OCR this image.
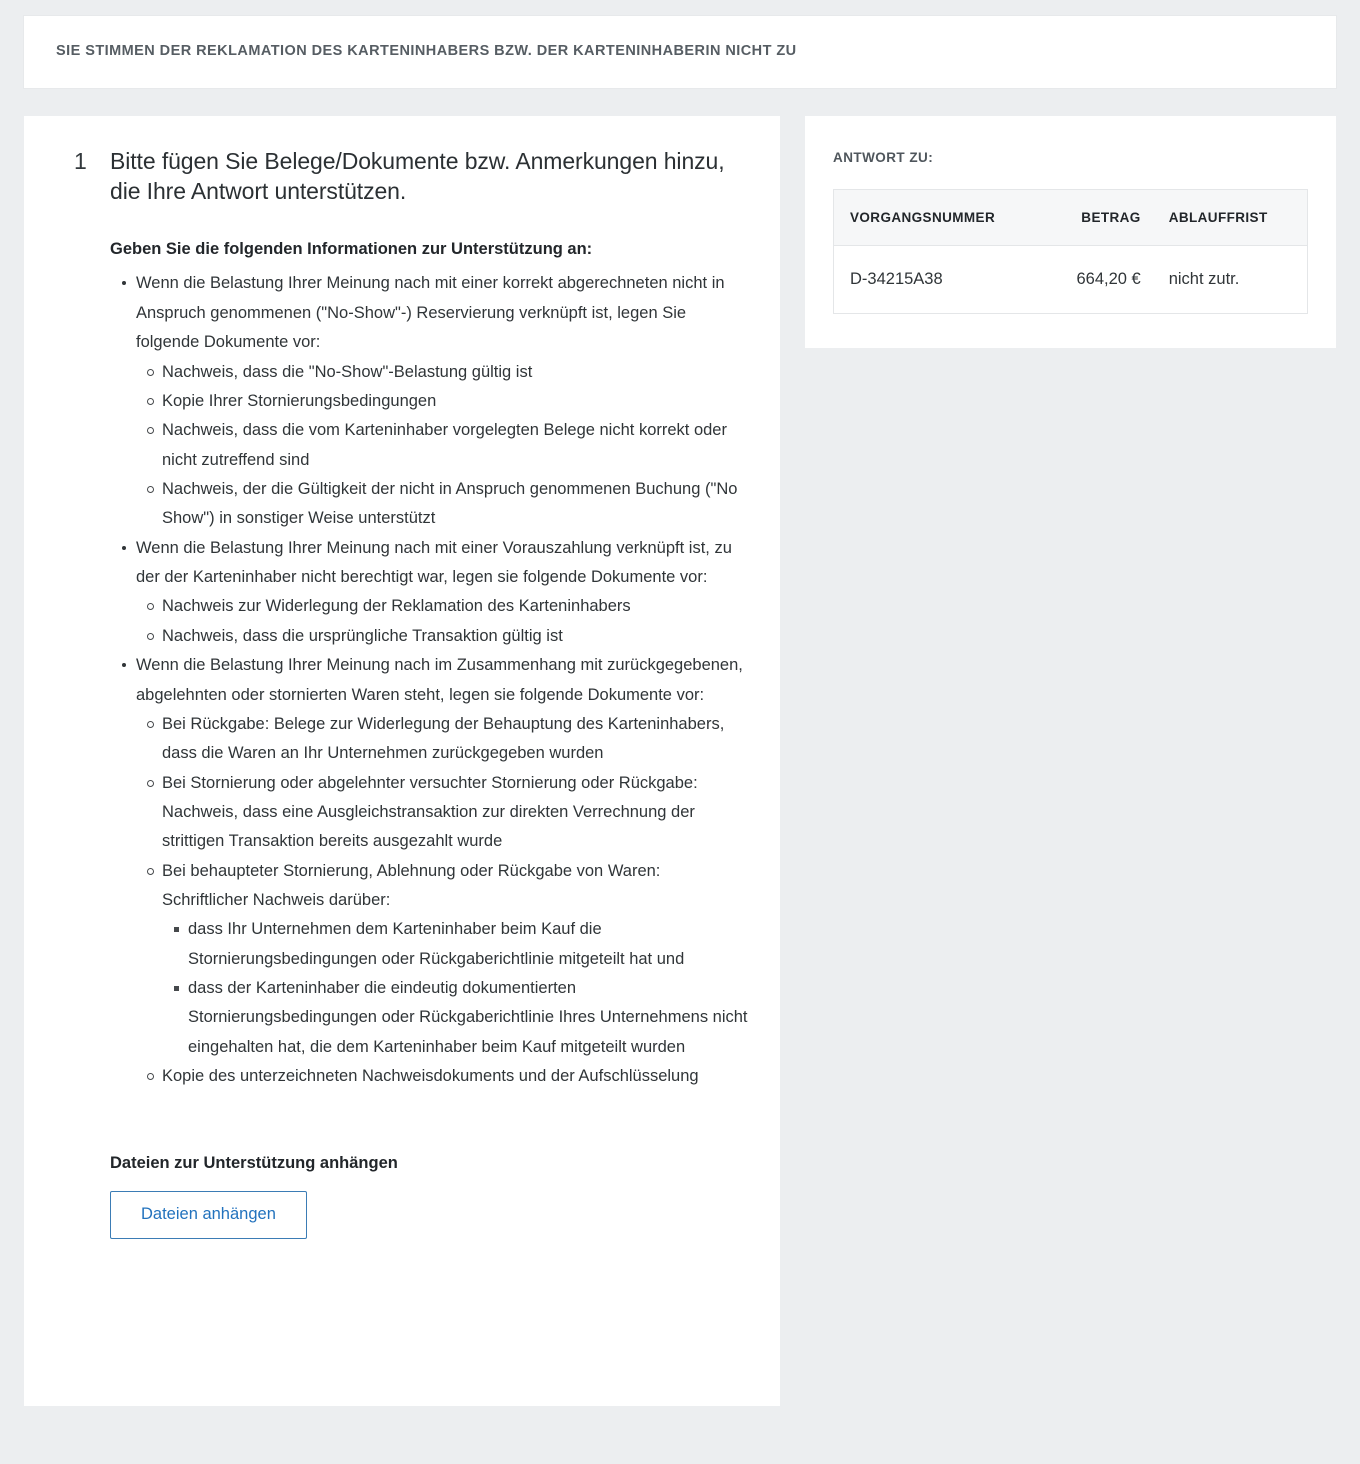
SIE STIMMEN DER REKLAMATION DES KARTENINHABERS BZW. DER KARTENINHABERIN NICHT ZU
1	Bitte fügen Sie Belege/Dokumente bzw. Anmerkungen hinzu, die Ihre Antwort unterstützen.
Geben Sie die folgenden Informationen zur Unterstützung an:
Wenn die Belastung Ihrer Meinung nach mit einer korrekt abgerechneten nicht in Anspruch genommenen ("No-Show"-) Reservierung verknüpft ist, legen Sie folgende Dokumente vor:
Nachweis, dass die "No-Show"-Belastung gültig ist
Kopie Ihrer Stornierungsbedingungen
Nachweis, dass die vom Karteninhaber vorgelegten Belege nicht korrekt oder nicht zutreffend sind
Nachweis, der die Gültigkeit der nicht in Anspruch genommenen Buchung ("No Show") in sonstiger Weise unterstützt
Wenn die Belastung Ihrer Meinung nach mit einer Vorauszahlung verknüpft ist, zu der der Karteninhaber nicht berechtigt war, legen sie folgende Dokumente vor:
Nachweis zur Widerlegung der Reklamation des Karteninhabers
Nachweis, dass die ursprüngliche Transaktion gültig ist
Wenn die Belastung Ihrer Meinung nach im Zusammenhang mit zurückgegebenen, abgelehnten oder stornierten Waren steht, legen sie folgende Dokumente vor:
Bei Rückgabe: Belege zur Widerlegung der Behauptung des Karteninhabers, dass die Waren an Ihr Unternehmen zurückgegeben wurden
Bei Stornierung oder abgelehnter versuchter Stornierung oder Rückgabe: Nachweis, dass eine Ausgleichstransaktion zur direkten Verrechnung der strittigen Transaktion bereits ausgezahlt wurde
Bei behaupteter Stornierung, Ablehnung oder Rückgabe von Waren: Schriftlicher Nachweis darüber:
dass Ihr Unternehmen dem Karteninhaber beim Kauf die Stornierungsbedingungen oder Rückgaberichtlinie mitgeteilt hat und
dass der Karteninhaber die eindeutig dokumentierten Stornierungsbedingungen oder Rückgaberichtlinie Ihres Unternehmens nicht eingehalten hat, die dem Karteninhaber beim Kauf mitgeteilt wurden
Kopie des unterzeichneten Nachweisdokuments und der Aufschlüsselung
Dateien zur Unterstützung anhängen
Dateien anhängen
ANTWORT ZU:
VORGANGSNUMMER	BETRAG	ABLAUFFRIST
D-34215A38	664,20 €	nicht zutr.
